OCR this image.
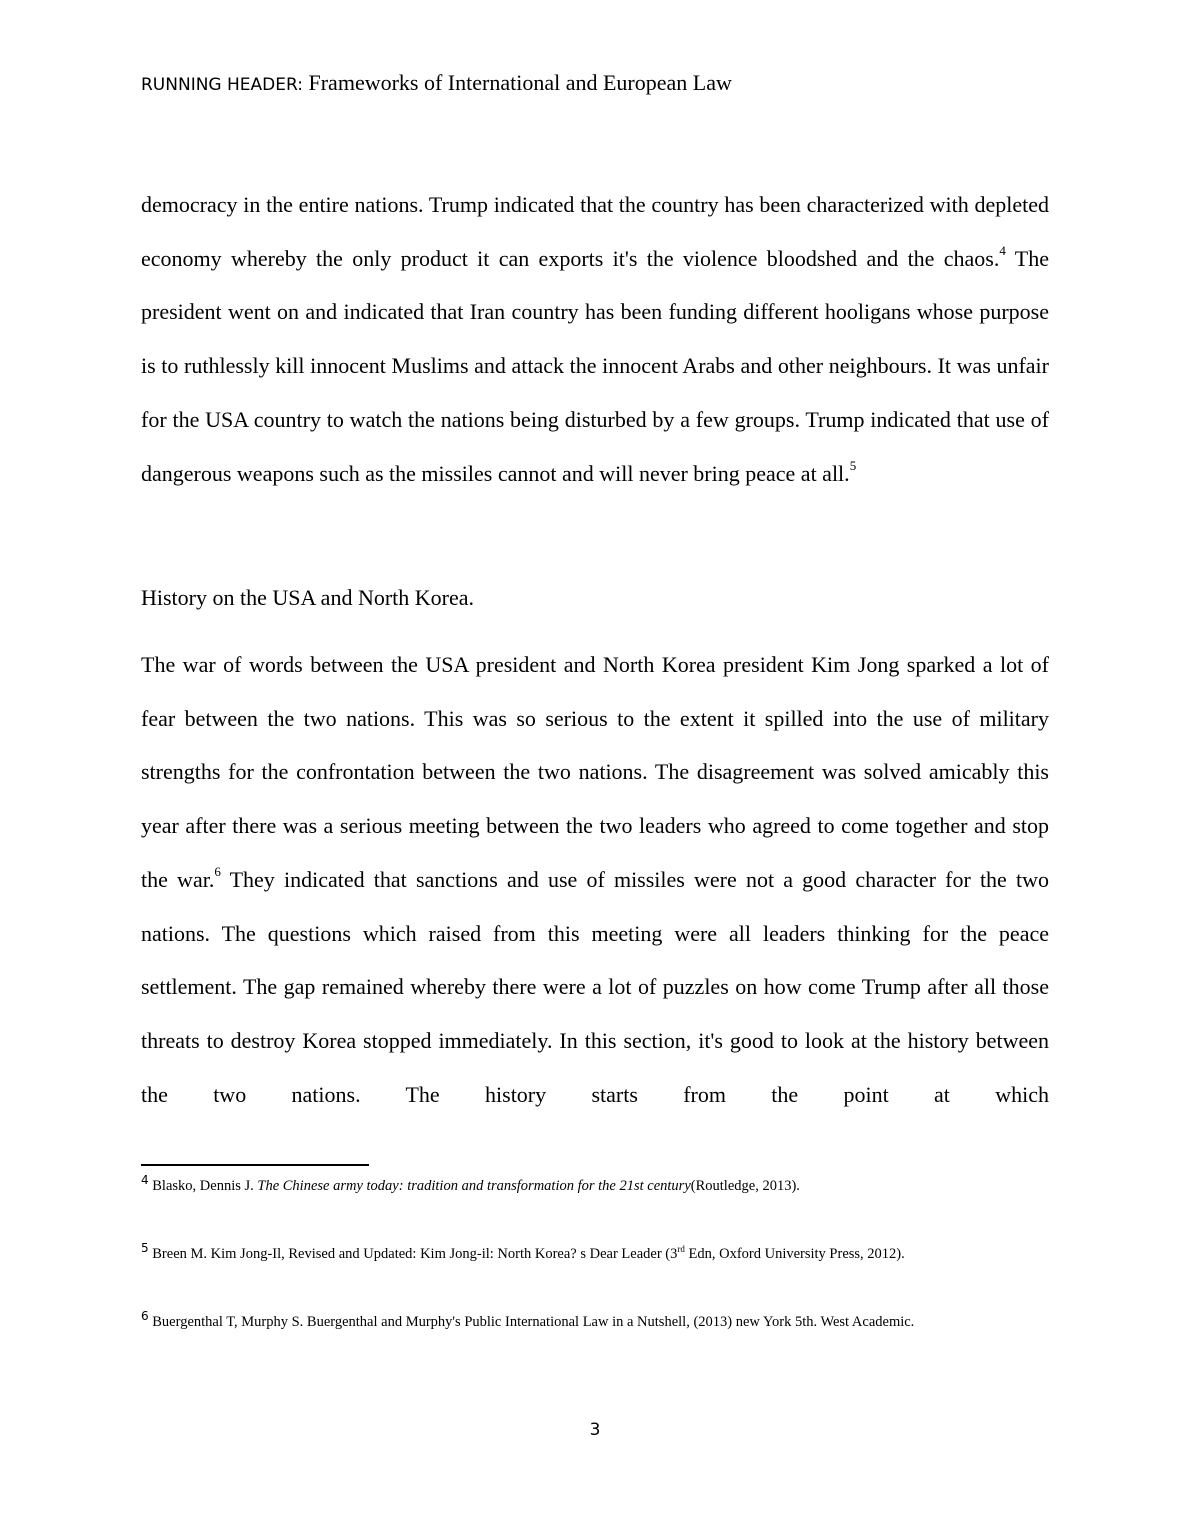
RUNNING HEADER: Frameworks of International and European Law
democracy in the entire nations. Trump indicated that the country has been characterized with depleted economy whereby the only product it can exports it's the violence bloodshed and the chaos.$^4$ The president went on and indicated that Iran country has been funding different hooligans whose purpose is to ruthlessly kill innocent Muslims and attack the innocent Arabs and other neighbours. It was unfair for the USA country to watch the nations being disturbed by a few groups. Trump indicated that use of dangerous weapons such as the missiles cannot and will never bring peace at all.$^5$
History on the USA and North Korea.
The war of words between the USA president and North Korea president Kim Jong sparked a lot of fear between the two nations. This was so serious to the extent it spilled into the use of military strengths for the confrontation between the two nations. The disagreement was solved amicably this year after there was a serious meeting between the two leaders who agreed to come together and stop the war.$^6$ They indicated that sanctions and use of missiles were not a good character for the two nations. The questions which raised from this meeting were all leaders thinking for the peace settlement. The gap remained whereby there were a lot of puzzles on how come Trump after all those threats to destroy Korea stopped immediately. In this section, it's good to look at the history between the two nations. The history starts from the point at which
$^4$ Blasko, Dennis J. The Chinese army today: tradition and transformation for the 21st century(Routledge, 2013).
$^5$ Breen M. Kim Jong-Il, Revised and Updated: Kim Jong-il: North Korea? s Dear Leader (3rd Edn, Oxford University Press, 2012).
$^6$ Buergenthal T, Murphy S. Buergenthal and Murphy's Public International Law in a Nutshell, (2013) new York 5th. West Academic.
3
